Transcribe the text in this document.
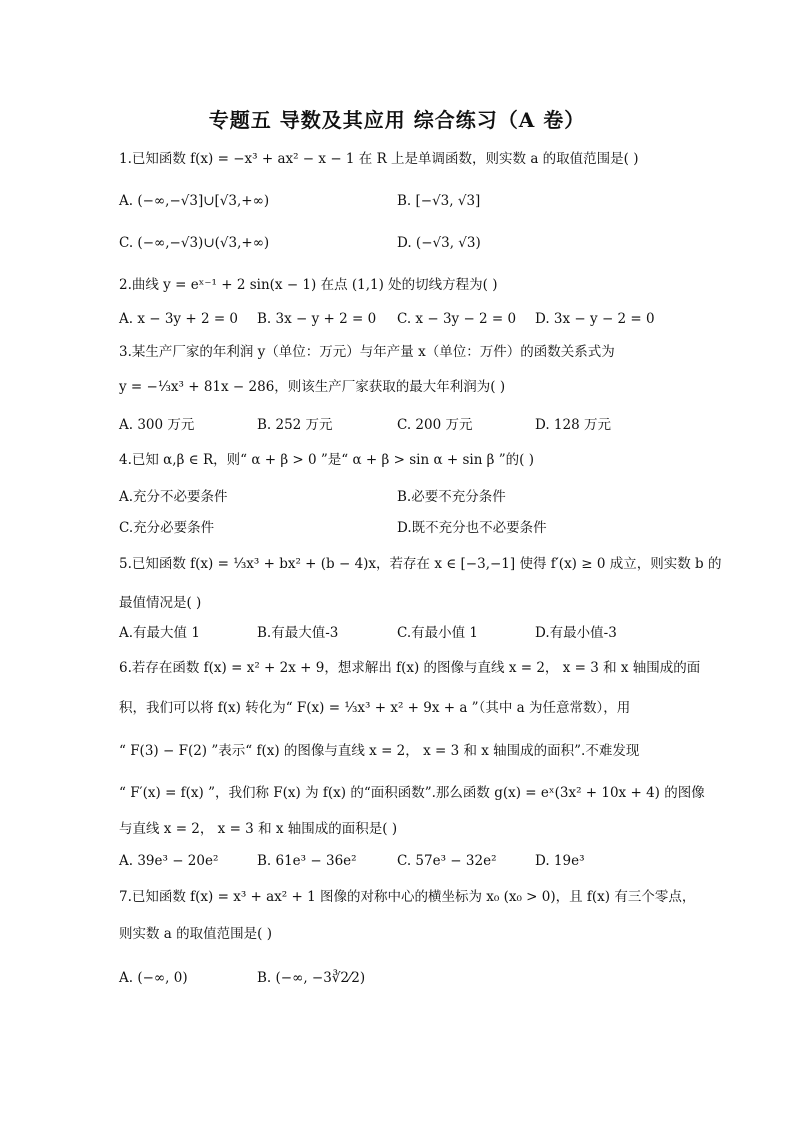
专题五 导数及其应用 综合练习（A 卷）
1.已知函数 f(x) = −x³ + ax² − x − 1 在 R 上是单调函数，则实数 a 的取值范围是( )
A. (−∞,−√3]∪[√3,+∞)	B. [−√3, √3]
C. (−∞,−√3)∪(√3,+∞)	D. (−√3, √3)
2.曲线 y = eˣ⁻¹ + 2 sin(x − 1) 在点 (1,1) 处的切线方程为( )
A. x − 3y + 2 = 0 B. 3x − y + 2 = 0 C. x − 3y − 2 = 0 D. 3x − y − 2 = 0
3.某生产厂家的年利润 y（单位：万元）与年产量 x（单位：万件）的函数关系式为
y = −⅓x³ + 81x − 286，则该生产厂家获取的最大年利润为( )
A. 300 万元	B. 252 万元	C. 200 万元	D. 128 万元
4.已知 α,β ∈ R，则“ α + β > 0 ”是“ α + β > sin α + sin β ”的( )
A.充分不必要条件	B.必要不充分条件
C.充分必要条件	D.既不充分也不必要条件
5.已知函数 f(x) = ⅓x³ + bx² + (b − 4)x，若存在 x ∈ [−3,−1] 使得 f′(x) ≥ 0 成立，则实数 b 的
最值情况是( )
A.有最大值 1	B.有最大值-3	C.有最小值 1	D.有最小值-3
6.若存在函数 f(x) = x² + 2x + 9，想求解出 f(x) 的图像与直线 x = 2， x = 3 和 x 轴围成的面
积，我们可以将 f(x) 转化为“ F(x) = ⅓x³ + x² + 9x + a ”（其中 a 为任意常数），用
“ F(3) − F(2) ”表示“ f(x) 的图像与直线 x = 2， x = 3 和 x 轴围成的面积”.不难发现
“ F′(x) = f(x) ”，我们称 F(x) 为 f(x) 的“面积函数”.那么函数 g(x) = eˣ(3x² + 10x + 4) 的图像
与直线 x = 2， x = 3 和 x 轴围成的面积是( )
A. 39e³ − 20e²	B. 61e³ − 36e²	C. 57e³ − 32e²	D. 19e³
7.已知函数 f(x) = x³ + ax² + 1 图像的对称中心的横坐标为 x₀ (x₀ > 0)，且 f(x) 有三个零点，
则实数 a 的取值范围是( )
A. (−∞, 0)	B. (−∞, −3∛2⁄2)
